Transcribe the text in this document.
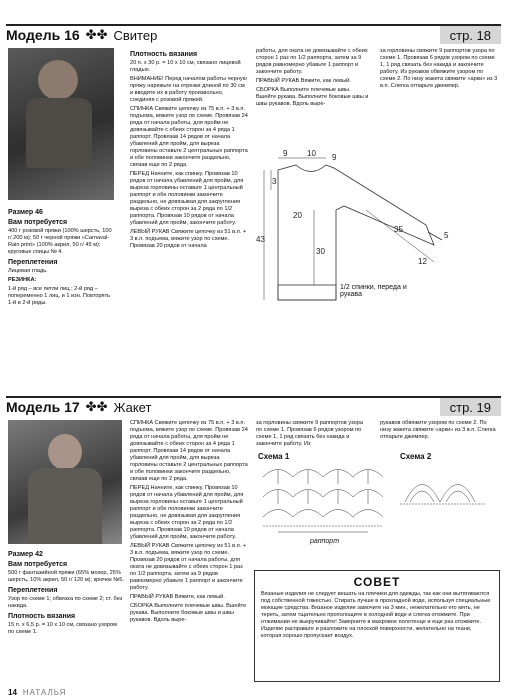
Модель 16 ✤✤ Свитер	стр. 18
Размер 46
Вам потребуется

400 г розовой пряжи (100% шерсть, 100 г/ 200 м); 50 г черной пряжи «Carnaval-Rain print» (100% акрил, 50 г/ 45 м); круговые спицы № 4.

Переплетения

Лицевая гладь.

РЕЗИНКА:

1-й ряд – все петли лиц.; 2-й ряд – попеременно 1 лиц. и 1 изн. Повторять 1-й и 2-й ряды.

Плотность вязания

20 п. х 30 р. = 10 х 10 см, связано лицевой гладью.

ВНИМАНИЕ! Перед началом работы черную пряжу нарежьте на отрезки длиной по 30 см и вводите их в работу произвольно, соединяя с розовой пряжей.

СПИНКА Свяжите цепочку из 75 в.п. + 3 в.п. подъема, вяжите узор по схеме. Провязав 24 ряда от начала работы, для пройм не довязывайте с обеих сторон за 4 ряда 1 раппорт. Провязав 14 рядов от начала убавлений для пройм, для выреза горловины оставьте 2 центральных раппорта и обе половинки закончите раздельно, связав еще по 2 ряда.

ПЕРЕД Начните, как спинку. Провязав 10 рядов от начала убавлений для пройм, для выреза горловины оставьте 1 центральный раппорт и обе половинки закончите раздельно, не довязывая для закругления выреза с обеих сторон за 2 ряда по 1/2 раппорта. Провязав 10 рядов от начала убавлений для пройм, закончите работу.

ЛЕВЫЙ РУКАВ Свяжите цепочку из 51 в.п. + 3 в.п. подъема, вяжите узор по схеме. Провязав 20 рядов от начала

работы, для оката не довязывайте с обеих сторон 1 раз по 1/2 раппорта, затем за 9 рядов равномерно убавьте 1 раппорт и закончите работу.

ПРАВЫЙ РУКАВ Вяжите, как левый.

СБОРКА Выполните плечевые швы. Вшейте рукава. Выполните боковые швы и швы рукавов. Вдоль выре-

за горловины свяжите 9 раппортов узора по схеме 1. Провязав 6 рядов узором по схеме 1, 1 ряд связать без накида и закончите работу. Из рукавов обвяжите узором по схеме 2. По низу жакета свяжите «арки» из 3 в.п. Слегка отпарьте джемпер.

9 10 9
3
43
20
30
35
5
12
1/2 спинки, переда и рукава
Модель 17 ✤✤ Жакет	стр. 19
Размер 42
Вам потребуется

500 г фантазийной пряжи (65% мохер, 25% шерсть, 10% акрил, 50 г/ 120 м); крючок №5.

Переплетения

Узор по схеме 1; обвязка по схеме 2; ст. без накида.

Плотность вязания

15 п. х 6,5 р. = 10 х 10 см, связано узором по схеме 1.

СПИНКА Свяжите цепочку из 75 в.п. + 3 в.п. подъема, вяжите узор по схеме. Провязав 24 ряда от начала работы, для пройм не довязывайте с обеих сторон за 4 ряда 1 раппорт. Провязав 14 рядов от начала убавлений для пройм, для выреза горловины оставьте 2 центральных раппорта и обе половинки закончите раздельно, связав еще по 2 ряда.

ПЕРЕД Начните, как спинку. Провязав 10 рядов от начала убавлений для пройм, для выреза горловины оставьте 1 центральный раппорт и обе половинки закончите раздельно, не довязывая для закругления выреза с обеих сторон за 2 ряда по 1/2 раппорта. Провязав 10 рядов от начала убавлений для пройм, закончите работу.

ЛЕВЫЙ РУКАВ Свяжите цепочку из 51 в.п. + 3 в.п. подъема, вяжите узор по схеме. Провязав 20 рядов от начала работы, для оката не довязывайте с обеих сторон 1 раз по 1/2 раппорта, затем за 9 рядов равномерно убавьте 1 раппорт и закончите работу.

ПРАВЫЙ РУКАВ Вяжите, как левый.

СБОРКА Выполните плечевые швы. Вшейте рукава. Выполните боковые швы и швы рукавов. Вдоль выре-

за горловины свяжите 9 раппортов узора по схеме 1. Провязав 6 рядов узором по схеме 1, 1 ряд связать без накида и закончите работу. Из

рукавов обвяжите узором по схеме 2. По низу жакета свяжите «арки» из 3 в.п. Слегка отпарьте джемпер.

Схема 1	Схема 2
раппорт
СОВЕТ
Вязаные изделия не следует вешать на плечики для одежды, так как они вытягиваются под собственной тяжестью. Стирать лучше в прохладной воде, используя специальные моющие средства. Вязаное изделие замочите на 3 мин., нежелательно его мять, не тереть, затем тщательно прополощите в холодной воде и слегка отожмите. При отжимании не выкручивайте! Заверните в махровое полотенце и еще раз отожмите. Изделие расправьте и разложите на плоской поверхности, желательно на ткани, которая хорошо пропускает воздух.
14 НАТАЛЬЯ
